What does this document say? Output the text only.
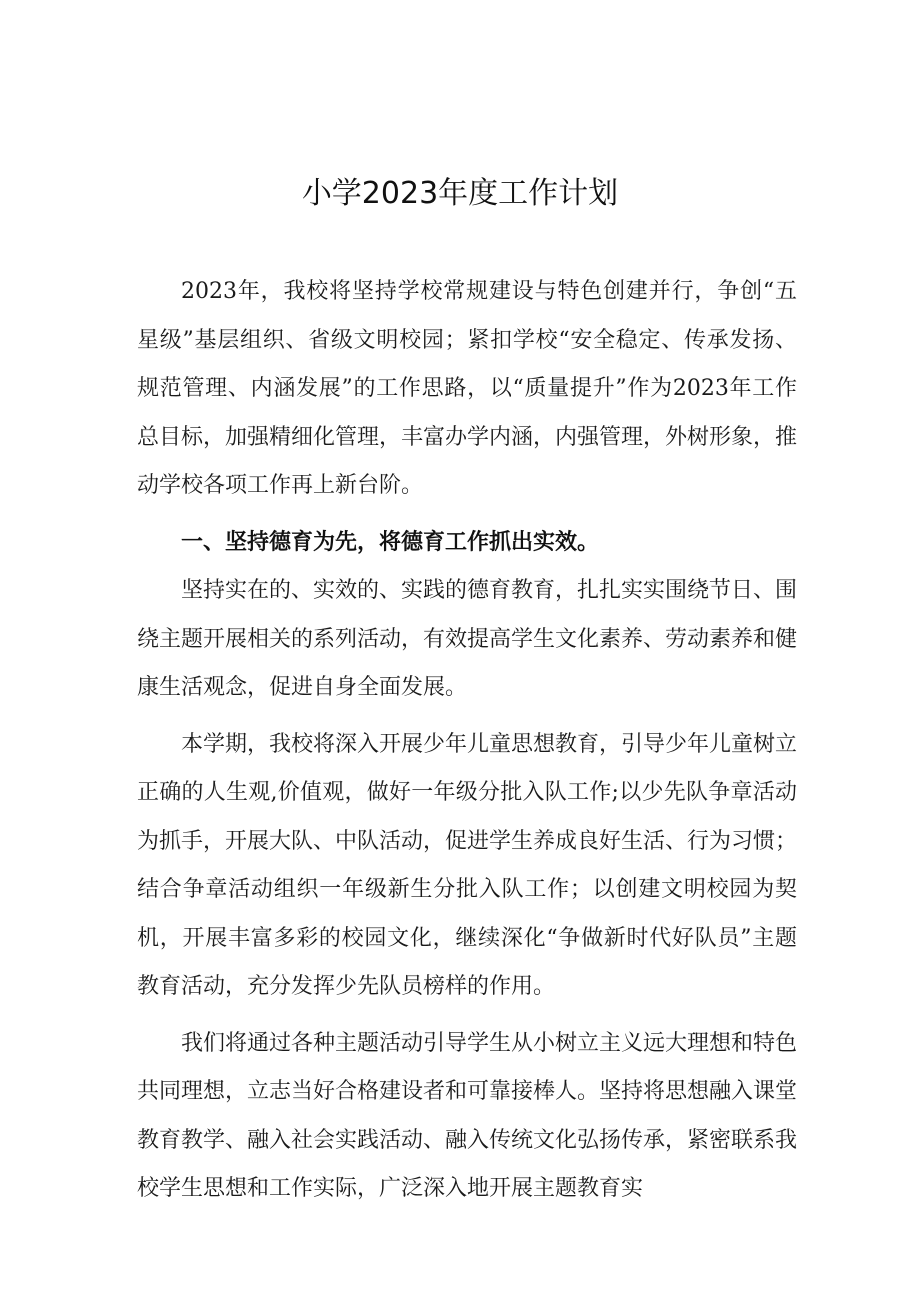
小学2023年度工作计划

2023年，我校将坚持学校常规建设与特色创建并行，争创“五星级”基层组织、省级文明校园；紧扣学校“安全稳定、传承发扬、规范管理、内涵发展”的工作思路，以“质量提升”作为2023年工作总目标，加强精细化管理，丰富办学内涵，内强管理，外树形象，推动学校各项工作再上新台阶。

一、坚持德育为先，将德育工作抓出实效。

坚持实在的、实效的、实践的德育教育，扎扎实实围绕节日、围绕主题开展相关的系列活动，有效提高学生文化素养、劳动素养和健康生活观念，促进自身全面发展。

本学期，我校将深入开展少年儿童思想教育，引导少年儿童树立正确的人生观,价值观，做好一年级分批入队工作;以少先队争章活动为抓手，开展大队、中队活动，促进学生养成良好生活、行为习惯；结合争章活动组织一年级新生分批入队工作；以创建文明校园为契机，开展丰富多彩的校园文化，继续深化“争做新时代好队员”主题教育活动，充分发挥少先队员榜样的作用。

我们将通过各种主题活动引导学生从小树立主义远大理想和特色共同理想，立志当好合格建设者和可靠接棒人。坚持将思想融入课堂教育教学、融入社会实践活动、融入传统文化弘扬传承，紧密联系我校学生思想和工作实际，广泛深入地开展主题教育实
